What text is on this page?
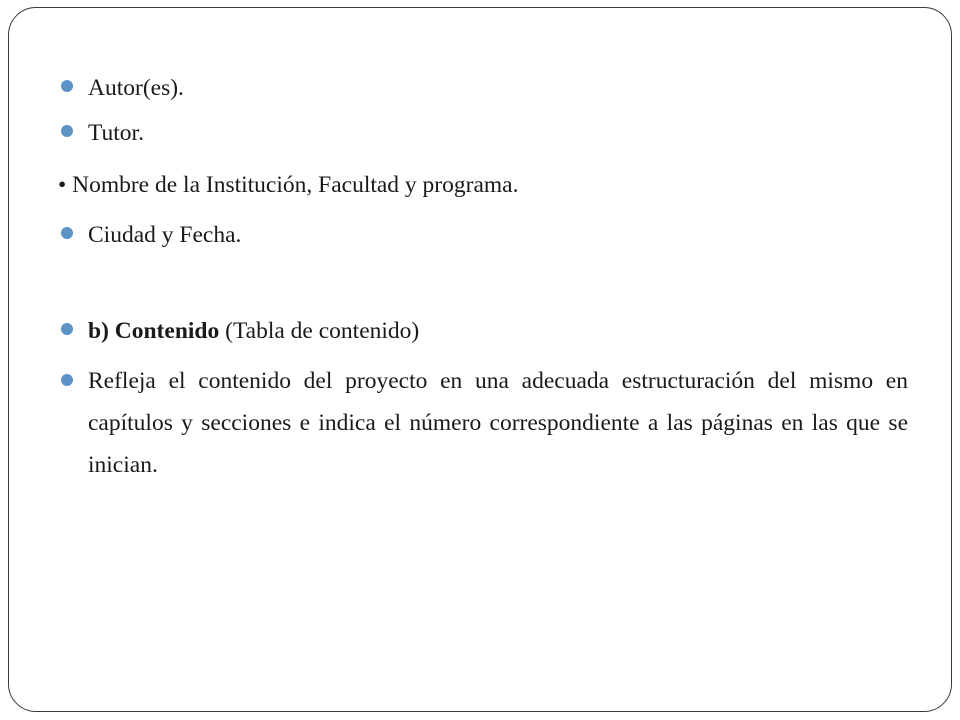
Autor(es).
Tutor.
• Nombre de la Institución, Facultad y programa.
Ciudad y Fecha.
b) Contenido (Tabla de contenido)
Refleja el contenido del proyecto en una adecuada estructuración del mismo en capítulos y secciones e indica el número correspondiente a las páginas en las que se inician.
